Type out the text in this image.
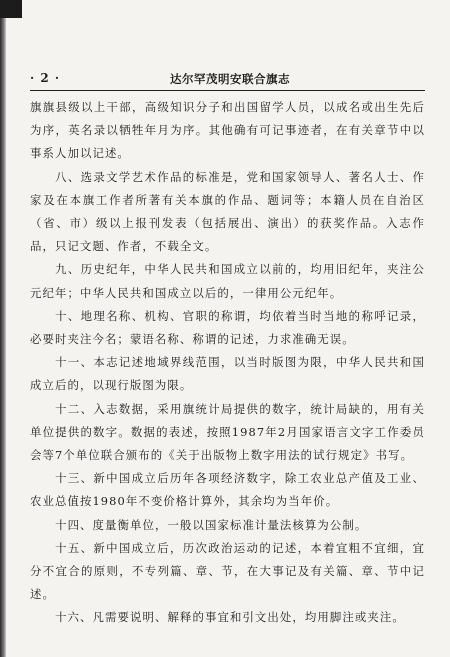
· 2 ·	达尔罕茂明安联合旗志

旗旗县级以上干部，高级知识分子和出国留学人员，以成名或出生先后为序，英名录以牺牲年月为序。其他确有可记事迹者，在有关章节中以事系人加以记述。

八、选录文学艺术作品的标准是，党和国家领导人、著名人士、作家及在本旗工作者所著有关本旗的作品、题词等；本籍人员在自治区（省、市）级以上报刊发表（包括展出、演出）的获奖作品。入志作品，只记文题、作者，不载全文。

九、历史纪年，中华人民共和国成立以前的，均用旧纪年，夹注公元纪年；中华人民共和国成立以后的，一律用公元纪年。

十、地理名称、机构、官职的称谓，均依着当时当地的称呼记录，必要时夹注今名；蒙语名称、称谓的记述，力求准确无误。

十一、本志记述地域界线范围，以当时版图为限，中华人民共和国成立后的，以现行版图为限。

十二、入志数据，采用旗统计局提供的数字，统计局缺的，用有关单位提供的数字。数据的表述，按照1987年2月国家语言文字工作委员会等7个单位联合颁布的《关于出版物上数字用法的试行规定》书写。

十三、新中国成立后历年各项经济数字，除工农业总产值及工业、农业总值按1980年不变价格计算外，其余均为当年价。

十四、度量衡单位，一般以国家标准计量法核算为公制。

十五、新中国成立后，历次政治运动的记述，本着宜粗不宜细，宜分不宜合的原则，不专列篇、章、节，在大事记及有关篇、章、节中记述。

十六、凡需要说明、解释的事宜和引文出处，均用脚注或夹注。
